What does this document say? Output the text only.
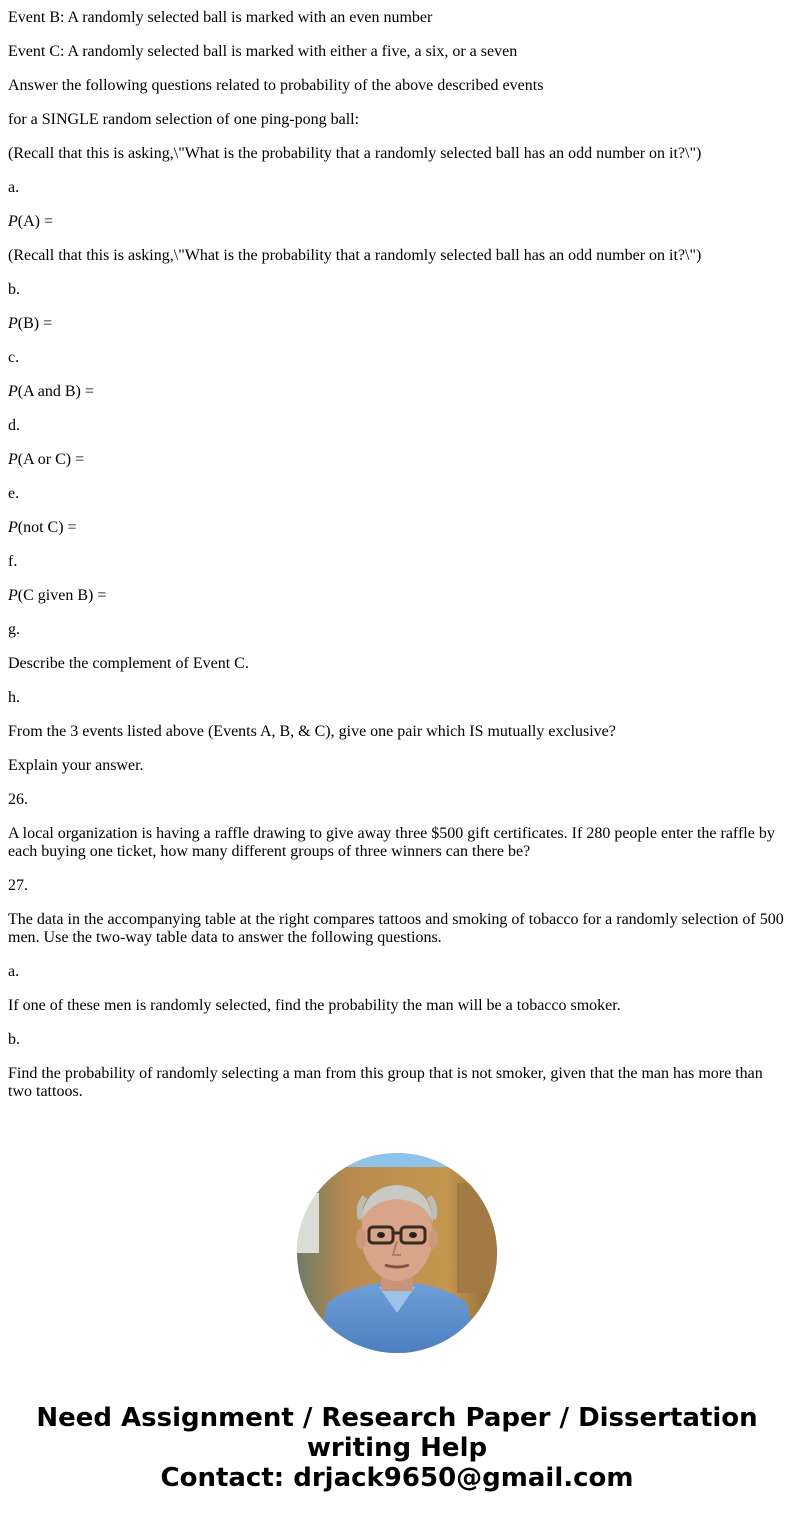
Event B: A randomly selected ball is marked with an even number

Event C: A randomly selected ball is marked with either a five, a six, or a seven

Answer the following questions related to probability of the above described events

for a SINGLE random selection of one ping-pong ball:

(Recall that this is asking,\"What is the probability that a randomly selected ball has an odd number on it?\")

a.

P(A) =

(Recall that this is asking,\"What is the probability that a randomly selected ball has an odd number on it?\")

b.

P(B) =

c.

P(A and B) =

d.

P(A or C) =

e.

P(not C) =

f.

P(C given B) =

g.

Describe the complement of Event C.

h.

From the 3 events listed above (Events A, B, & C), give one pair which IS mutually exclusive?

Explain your answer.

26.

A local organization is having a raffle drawing to give away three $500 gift certificates. If 280 people enter the raffle by each buying one ticket, how many different groups of three winners can there be?

27.

The data in the accompanying table at the right compares tattoos and smoking of tobacco for a randomly selection of 500 men. Use the two-way table data to answer the following questions.

a.

If one of these men is randomly selected, find the probability the man will be a tobacco smoker.

b.

Find the probability of randomly selecting a man from this group that is not smoker, given that the man has more than two tattoos.

Need Assignment / Research Paper / Dissertation
writing Help
Contact: drjack9650@gmail.com
